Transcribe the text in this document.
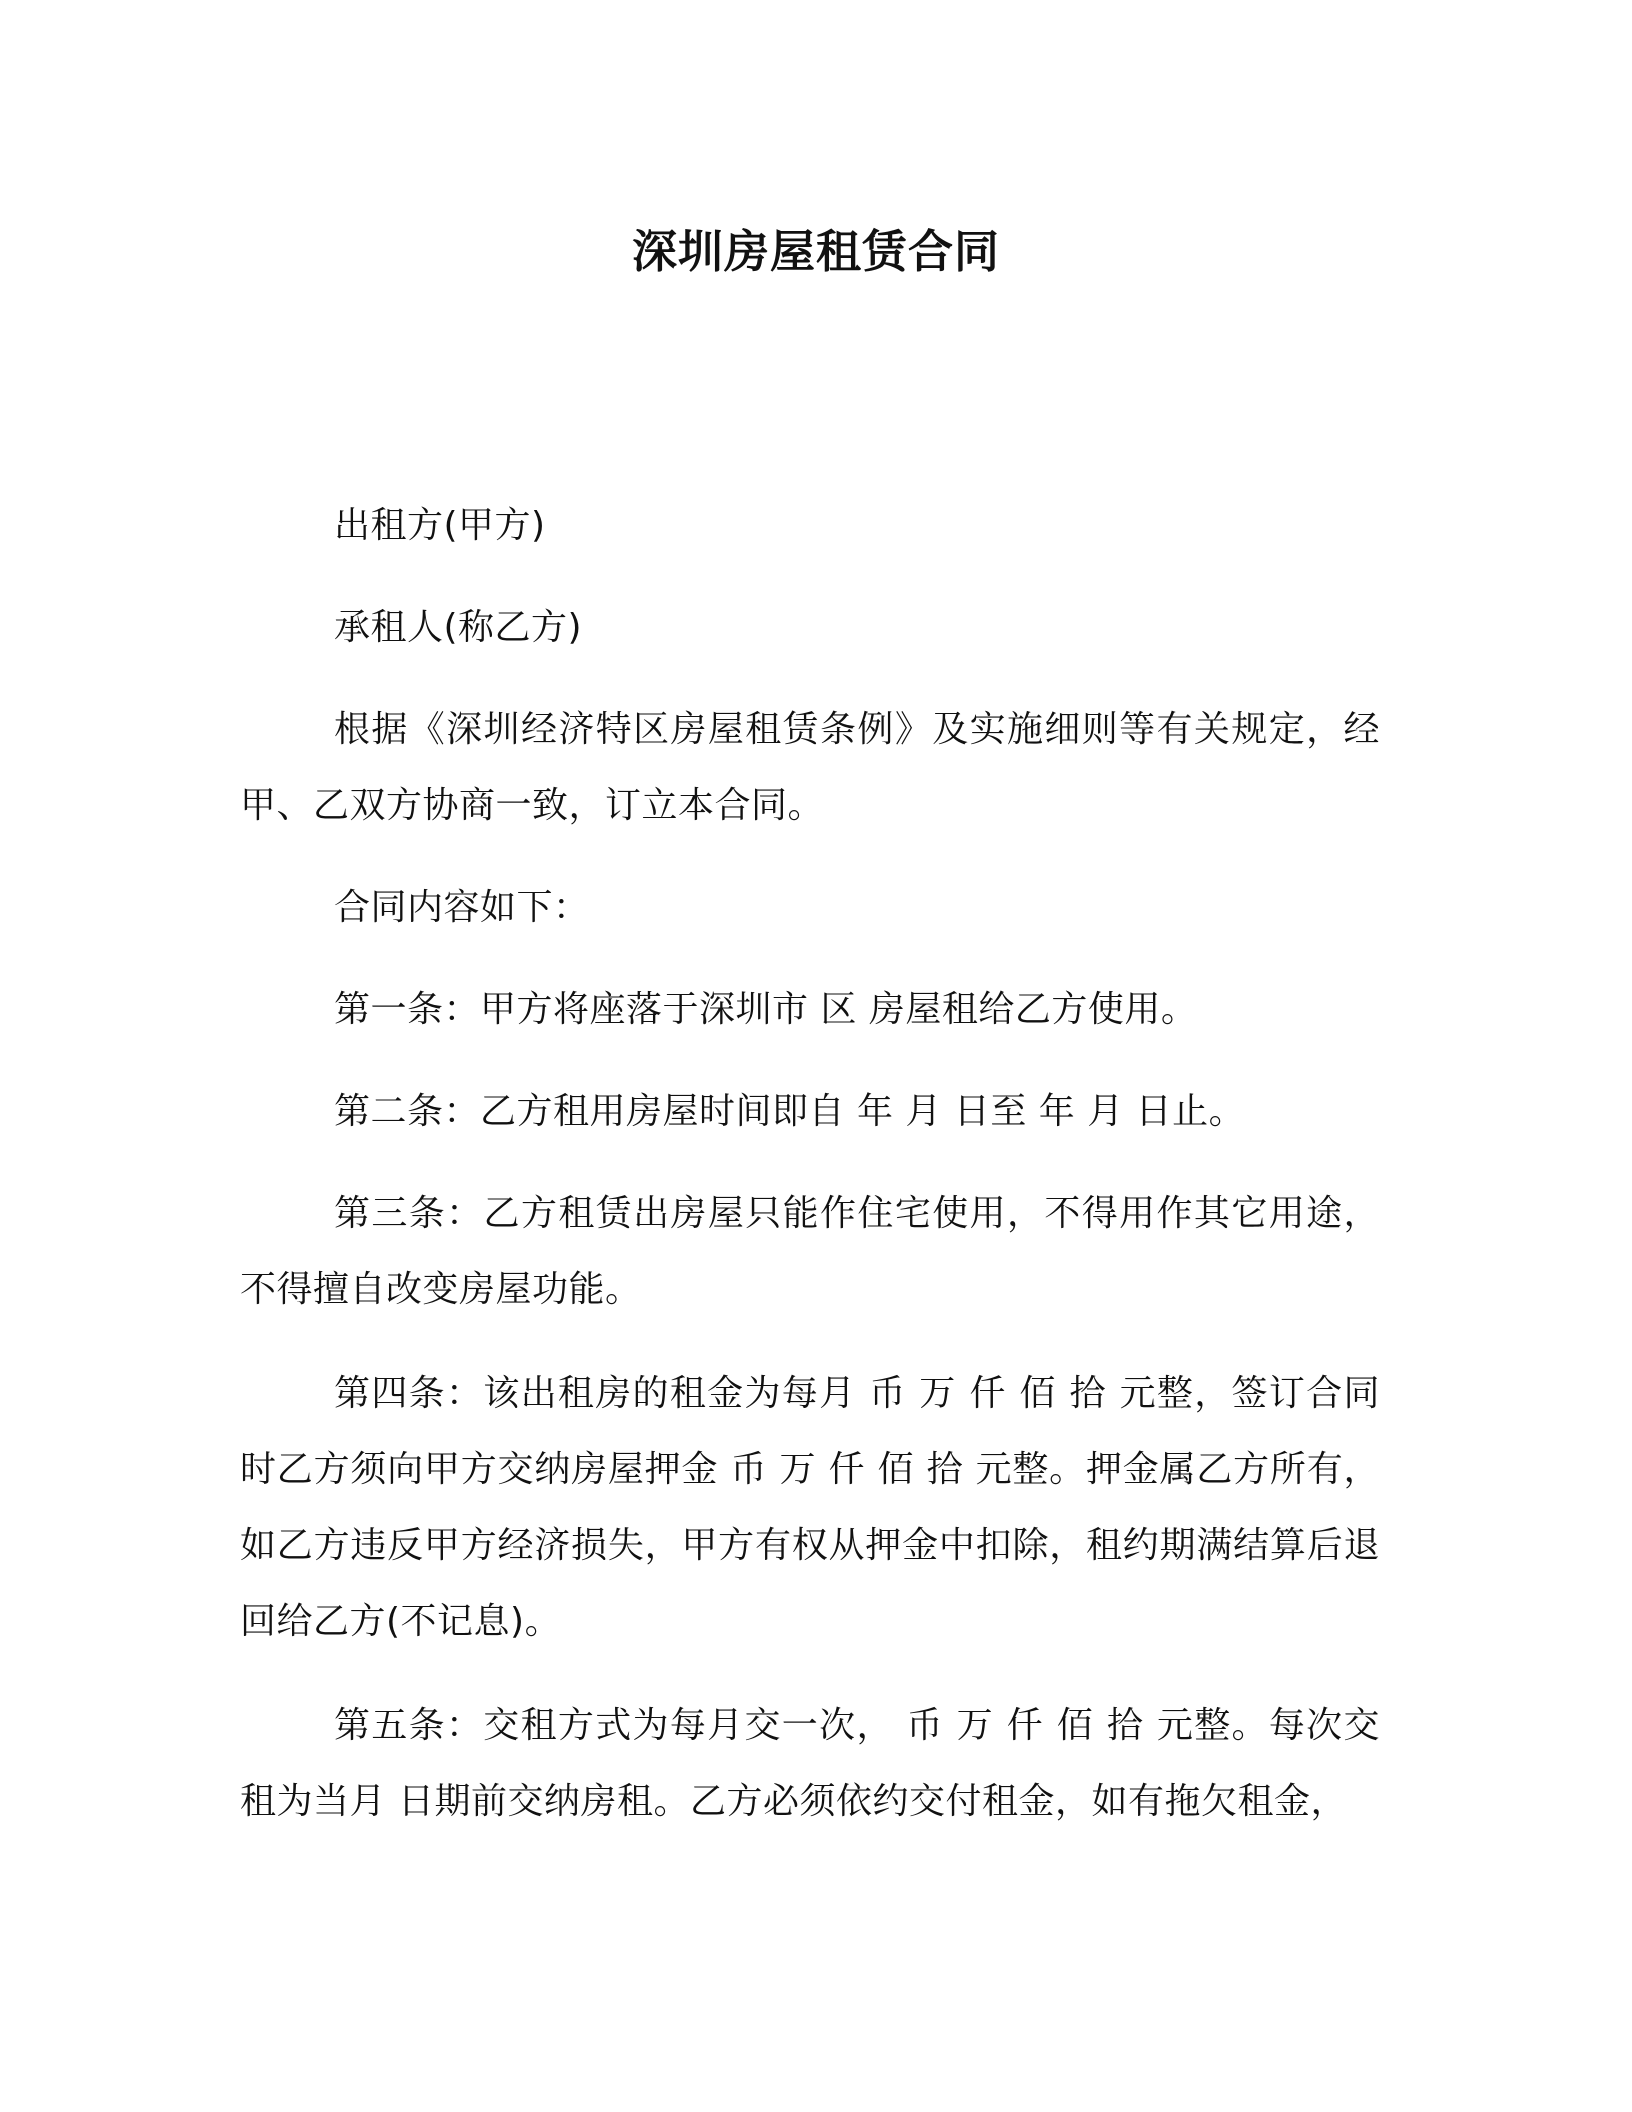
深圳房屋租赁合同

出租方(甲方)

承租人(称乙方)

根据《深圳经济特区房屋租赁条例》及实施细则等有关规定，经甲、乙双方协商一致，订立本合同。

合同内容如下：

第一条：甲方将座落于深圳市 区 房屋租给乙方使用。

第二条：乙方租用房屋时间即自 年 月 日至 年 月 日止。

第三条：乙方租赁出房屋只能作住宅使用，不得用作其它用途，不得擅自改变房屋功能。

第四条：该出租房的租金为每月 币 万 仟 佰 拾 元整，签订合同时乙方须向甲方交纳房屋押金 币 万 仟 佰 拾 元整。押金属乙方所有，如乙方违反甲方经济损失，甲方有权从押金中扣除，租约期满结算后退回给乙方(不记息)。

第五条：交租方式为每月交一次， 币 万 仟 佰 拾 元整。每次交租为当月 日期前交纳房租。乙方必须依约交付租金，如有拖欠租金，
